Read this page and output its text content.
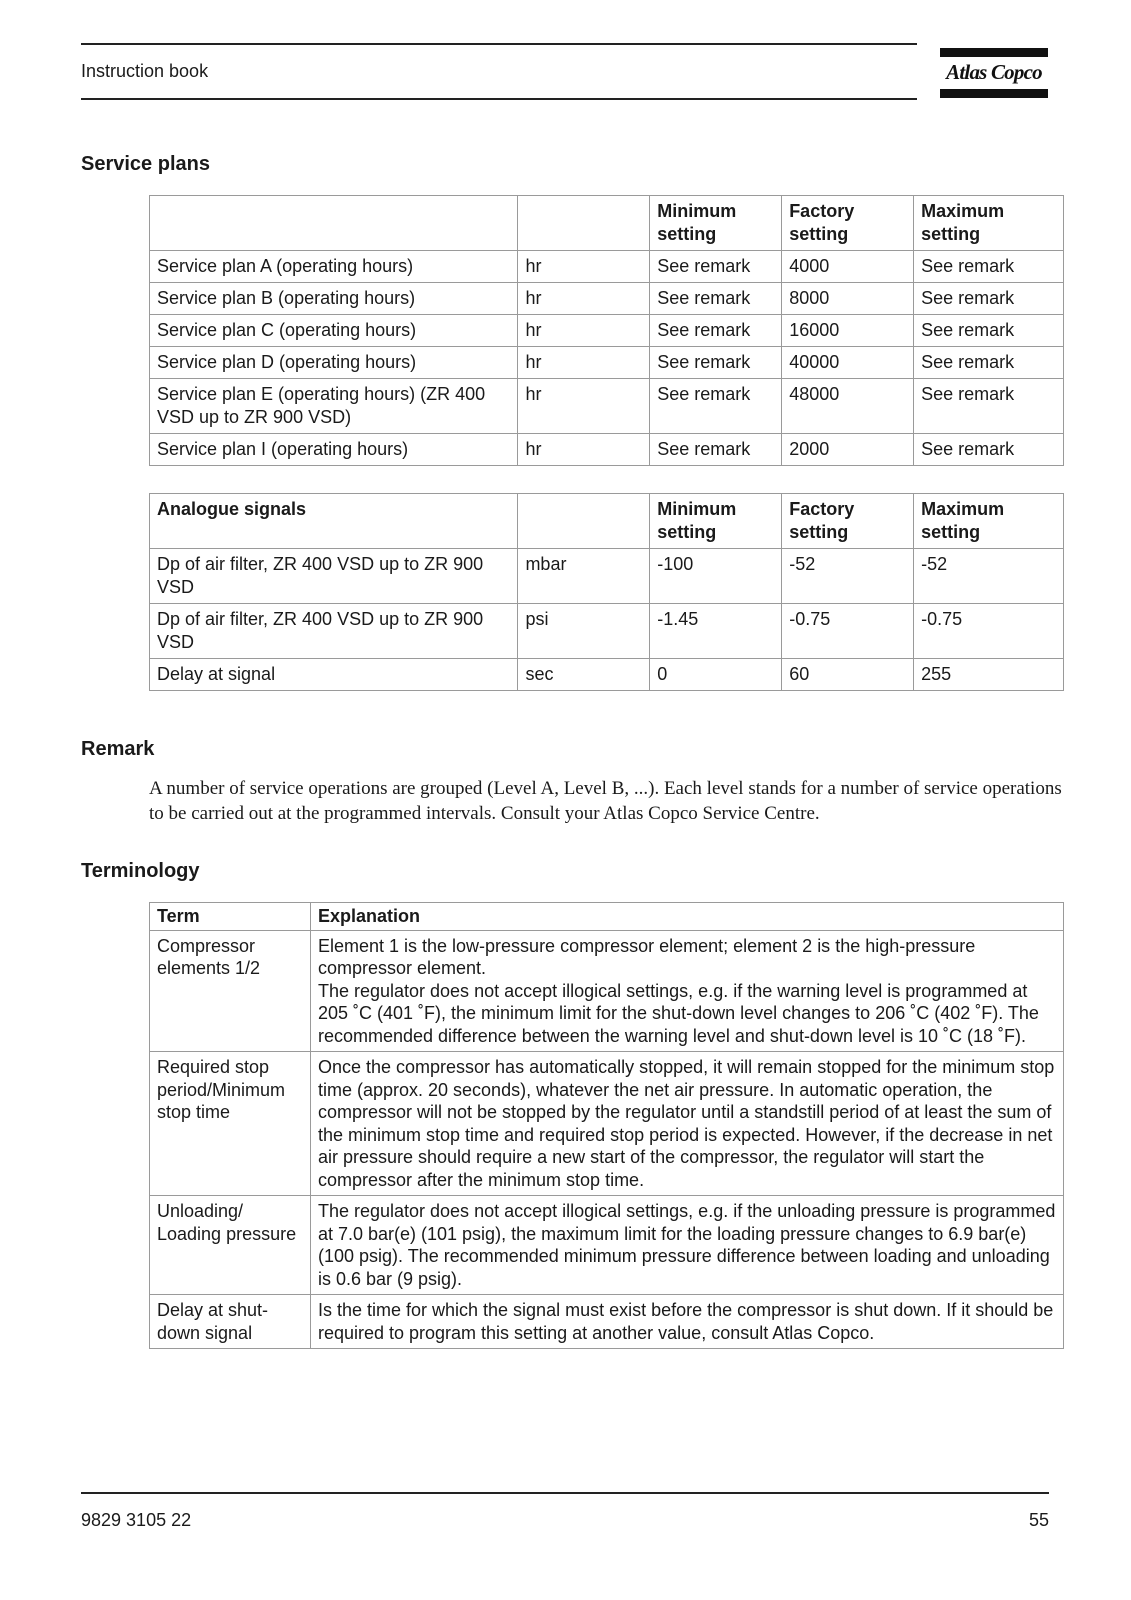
Instruction book	Atlas Copco
Service plans
		Minimum setting	Factory setting	Maximum setting
Service plan A (operating hours)	hr	See remark	4000	See remark
Service plan B (operating hours)	hr	See remark	8000	See remark
Service plan C (operating hours)	hr	See remark	16000	See remark
Service plan D (operating hours)	hr	See remark	40000	See remark
Service plan E (operating hours) (ZR 400 VSD up to ZR 900 VSD)	hr	See remark	48000	See remark
Service plan I (operating hours)	hr	See remark	2000	See remark
Analogue signals		Minimum setting	Factory setting	Maximum setting
Dp of air filter, ZR 400 VSD up to ZR 900 VSD	mbar	-100	-52	-52
Dp of air filter, ZR 400 VSD up to ZR 900 VSD	psi	-1.45	-0.75	-0.75
Delay at signal	sec	0	60	255
Remark
A number of service operations are grouped (Level A, Level B, ...). Each level stands for a number of service operations to be carried out at the programmed intervals. Consult your Atlas Copco Service Centre.
Terminology
Term	Explanation
Compressor elements 1/2	Element 1 is the low-pressure compressor element; element 2 is the high-pressure compressor element.
The regulator does not accept illogical settings, e.g. if the warning level is programmed at 205 ˚C (401 ˚F), the minimum limit for the shut-down level changes to 206 ˚C (402 ˚F). The recommended difference between the warning level and shut-down level is 10 ˚C (18 ˚F).
Required stop period/Minimum stop time	Once the compressor has automatically stopped, it will remain stopped for the minimum stop time (approx. 20 seconds), whatever the net air pressure. In automatic operation, the compressor will not be stopped by the regulator until a standstill period of at least the sum of the minimum stop time and required stop period is expected. However, if the decrease in net air pressure should require a new start of the compressor, the regulator will start the compressor after the minimum stop time.
Unloading/ Loading pressure	The regulator does not accept illogical settings, e.g. if the unloading pressure is programmed at 7.0 bar(e) (101 psig), the maximum limit for the loading pressure changes to 6.9 bar(e) (100 psig). The recommended minimum pressure difference between loading and unloading is 0.6 bar (9 psig).
Delay at shut-down signal	Is the time for which the signal must exist before the compressor is shut down. If it should be required to program this setting at another value, consult Atlas Copco.
9829 3105 22	55
